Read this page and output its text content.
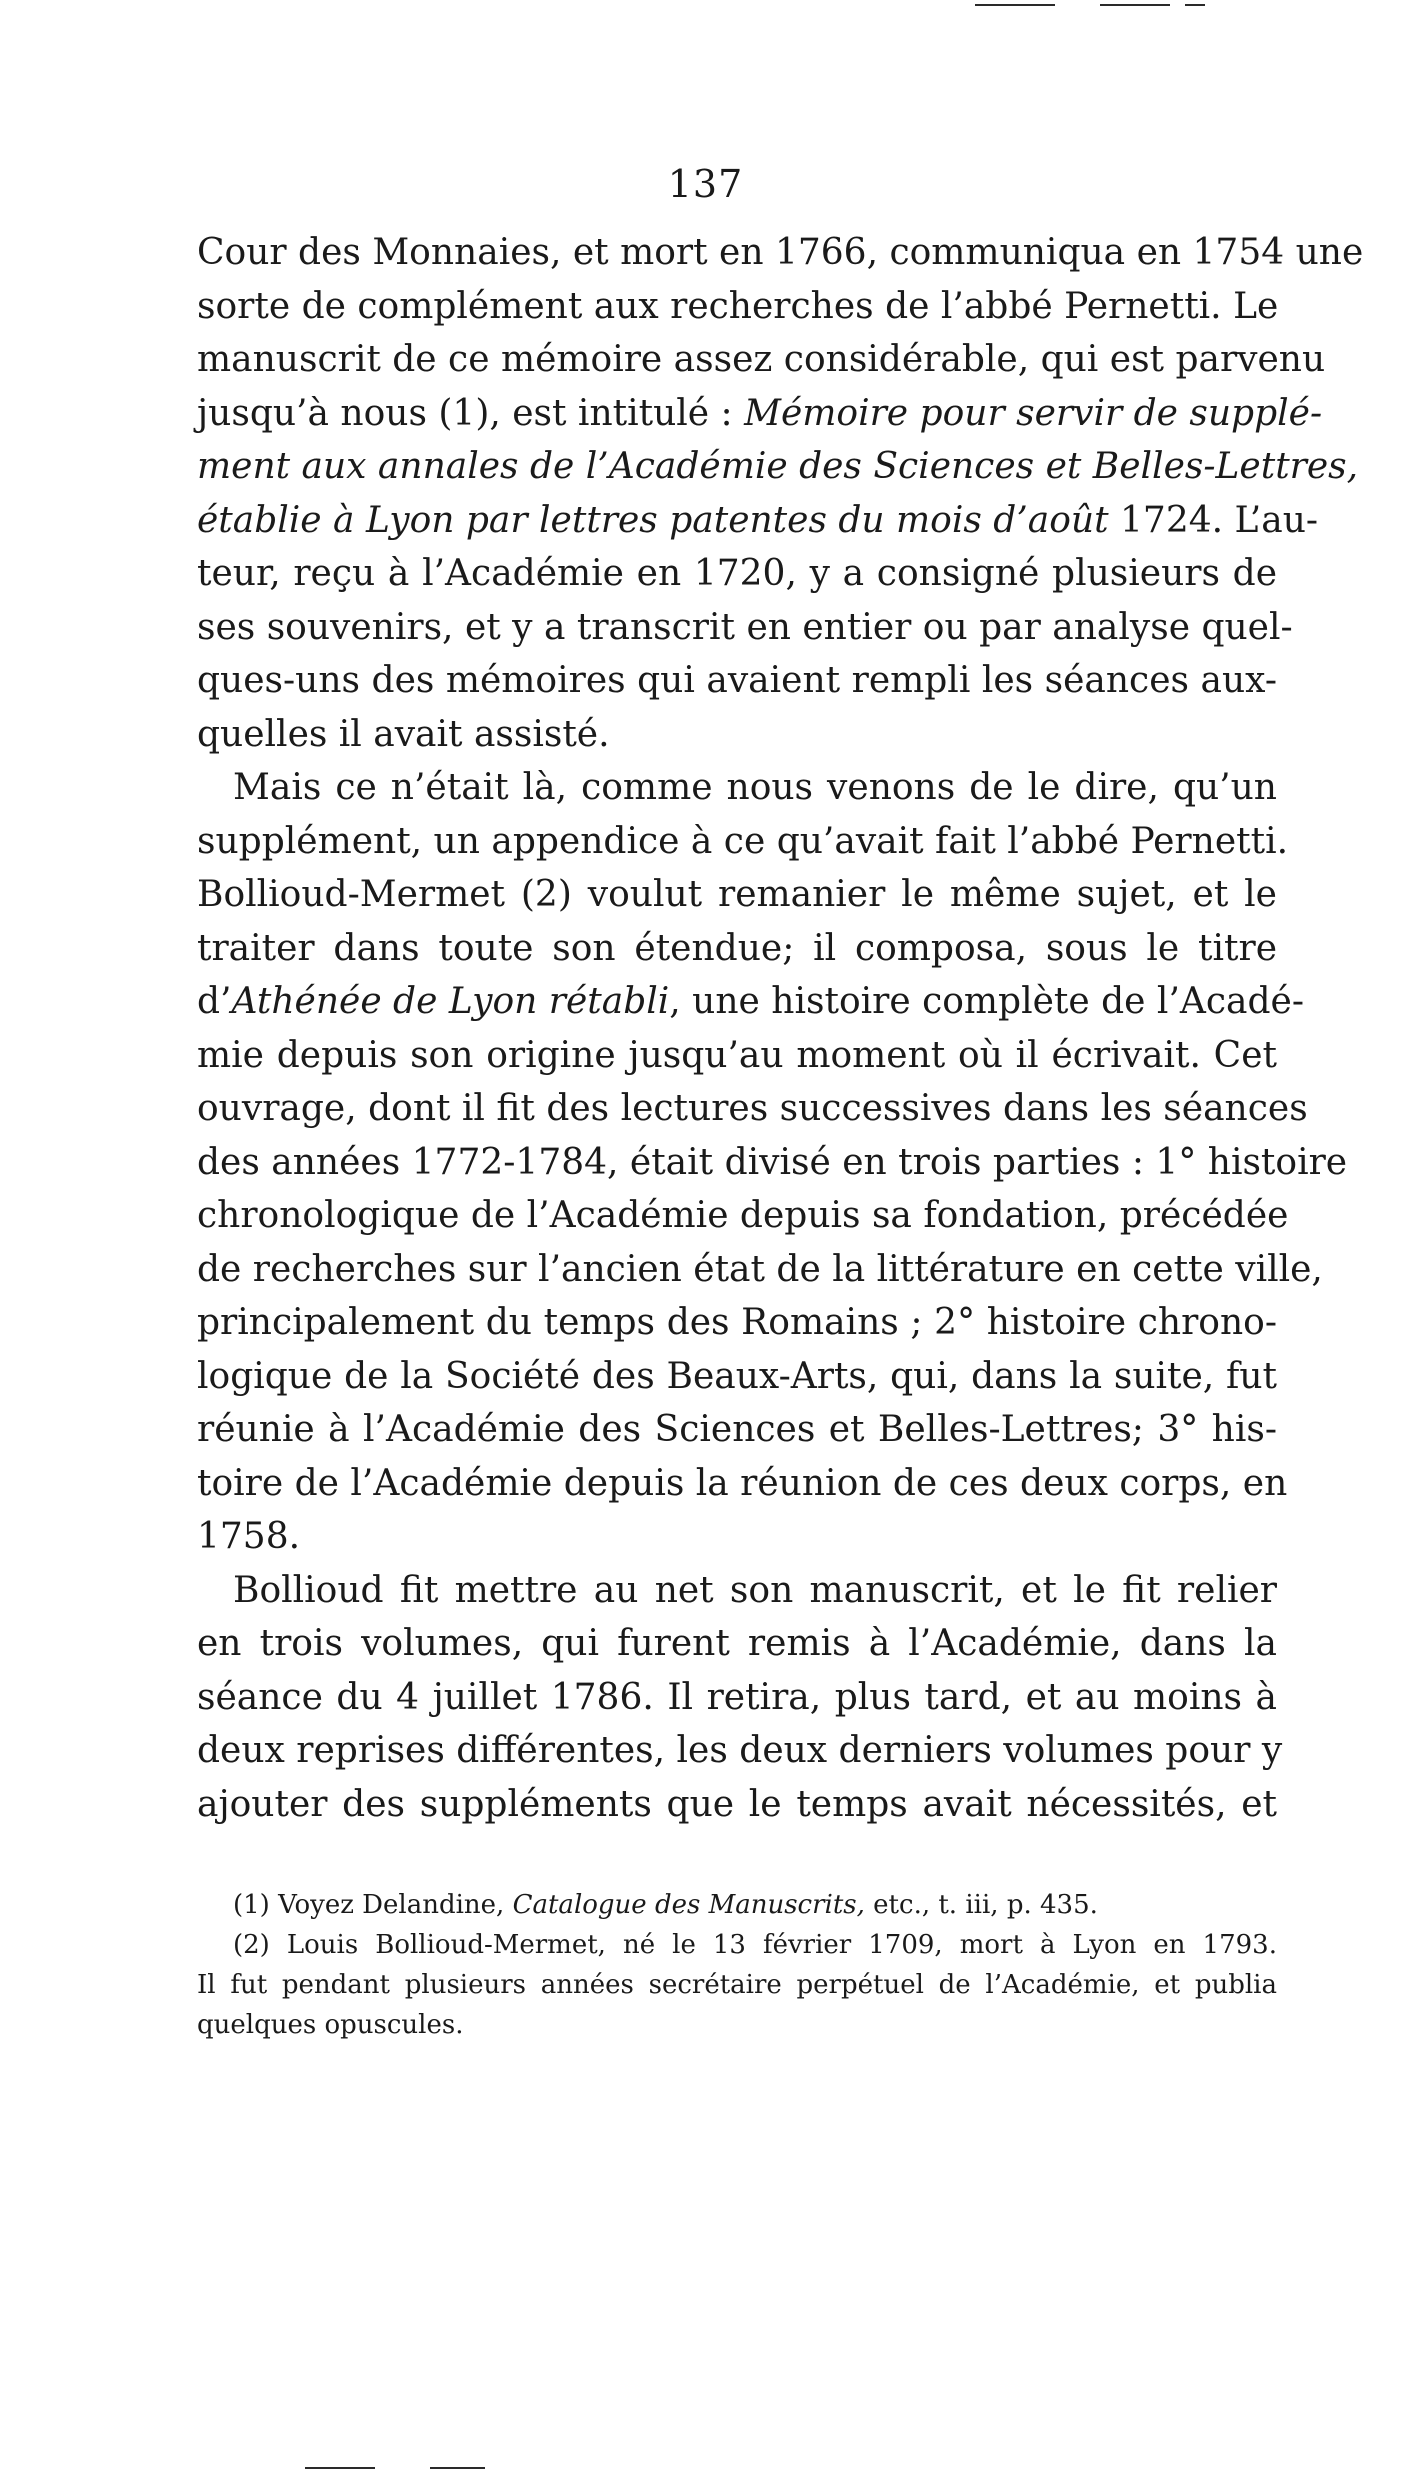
137
Cour des Monnaies, et mort en 1766, communiqua en 1754 une
sorte de complément aux recherches de l’abbé Pernetti. Le
manuscrit de ce mémoire assez considérable, qui est parvenu
jusqu’à nous (1), est intitulé : Mémoire pour servir de supplé-
ment aux annales de l’Académie des Sciences et Belles-Lettres,
établie à Lyon par lettres patentes du mois d’août 1724. L’au-
teur, reçu à l’Académie en 1720, y a consigné plusieurs de
ses souvenirs, et y a transcrit en entier ou par analyse quel-
ques-uns des mémoires qui avaient rempli les séances aux-
quelles il avait assisté.
Mais ce n’était là, comme nous venons de le dire, qu’un
supplément, un appendice à ce qu’avait fait l’abbé Pernetti.
Bollioud-Mermet (2) voulut remanier le même sujet, et le
traiter dans toute son étendue; il composa, sous le titre
d’Athénée de Lyon rétabli, une histoire complète de l’Acadé-
mie depuis son origine jusqu’au moment où il écrivait. Cet
ouvrage, dont il fit des lectures successives dans les séances
des années 1772-1784, était divisé en trois parties : 1° histoire
chronologique de l’Académie depuis sa fondation, précédée
de recherches sur l’ancien état de la littérature en cette ville,
principalement du temps des Romains ; 2° histoire chrono-
logique de la Société des Beaux-Arts, qui, dans la suite, fut
réunie à l’Académie des Sciences et Belles-Lettres; 3° his-
toire de l’Académie depuis la réunion de ces deux corps, en
1758.
Bollioud fit mettre au net son manuscrit, et le fit relier
en trois volumes, qui furent remis à l’Académie, dans la
séance du 4 juillet 1786. Il retira, plus tard, et au moins à
deux reprises différentes, les deux derniers volumes pour y
ajouter des suppléments que le temps avait nécessités, et
(1) Voyez Delandine, Catalogue des Manuscrits, etc., t. iii, p. 435.
(2) Louis Bollioud-Mermet, né le 13 février 1709, mort à Lyon en 1793.
Il fut pendant plusieurs années secrétaire perpétuel de l’Académie, et publia
quelques opuscules.
